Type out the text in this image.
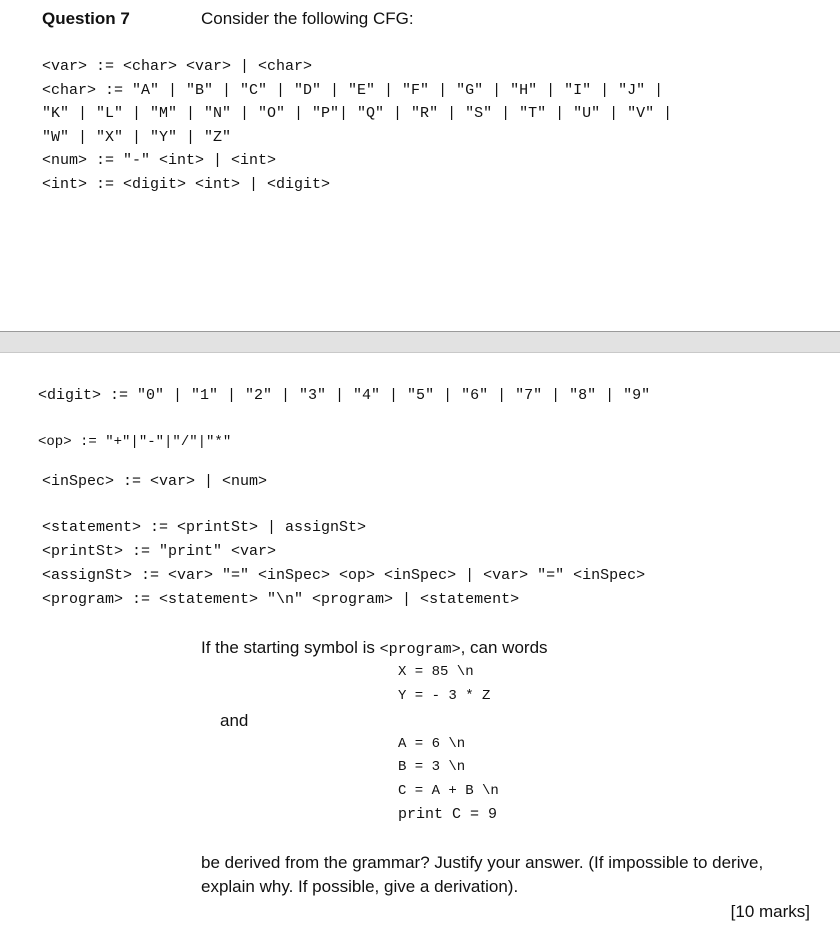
Question 7	Consider the following CFG:
<var> := <char> <var> | <char>
<char> := "A" | "B" | "C" | "D" | "E" | "F" | "G" | "H" | "I" | "J" |
"K" | "L" | "M" | "N" | "O" | "P"| "Q" | "R" | "S" | "T" | "U" | "V" |
"W" | "X" | "Y" | "Z"
<num> := "-" <int> | <int>
<int> := <digit> <int> | <digit>
<digit> := "0" | "1" | "2" | "3" | "4" | "5" | "6" | "7" | "8" | "9"
<op> := "+"|"-"|"/"|"*"
<inSpec> := <var> | <num>
<statement> := <printSt> | assignSt>
<printSt> := "print" <var>
<assignSt> := <var> "=" <inSpec> <op> <inSpec> | <var> "=" <inSpec>
<program> := <statement> "\n" <program> | <statement>
If the starting symbol is <program>, can words
X = 85 \n
Y = - 3 * Z
and
A = 6 \n
B = 3 \n
C = A + B \n
print C = 9
be derived from the grammar? Justify your answer. (If impossible to derive,
explain why. If possible, give a derivation).
[10 marks]
